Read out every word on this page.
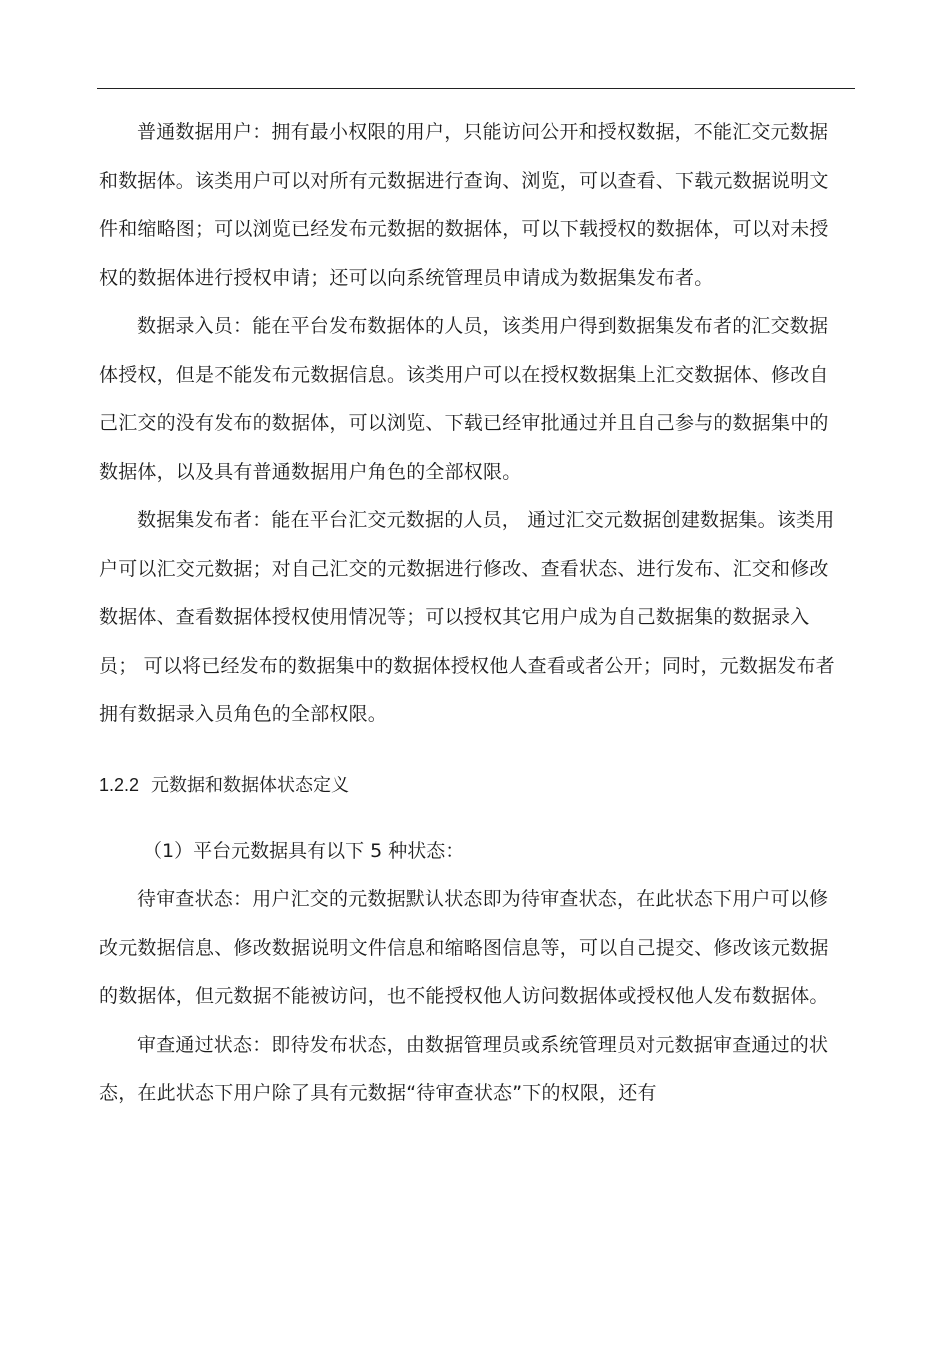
普通数据用户：拥有最小权限的用户，只能访问公开和授权数据，不能汇交元数据和数据体。该类用户可以对所有元数据进行查询、浏览，可以查看、下载元数据说明文件和缩略图；可以浏览已经发布元数据的数据体，可以下载授权的数据体，可以对未授权的数据体进行授权申请；还可以向系统管理员申请成为数据集发布者。

数据录入员：能在平台发布数据体的人员，该类用户得到数据集发布者的汇交数据体授权，但是不能发布元数据信息。该类用户可以在授权数据集上汇交数据体、修改自己汇交的没有发布的数据体，可以浏览、下载已经审批通过并且自己参与的数据集中的数据体，以及具有普通数据用户角色的全部权限。

数据集发布者：能在平台汇交元数据的人员， 通过汇交元数据创建数据集。该类用户可以汇交元数据；对自己汇交的元数据进行修改、查看状态、进行发布、汇交和修改数据体、查看数据体授权使用情况等；可以授权其它用户成为自己数据集的数据录入员； 可以将已经发布的数据集中的数据体授权他人查看或者公开；同时，元数据发布者拥有数据录入员角色的全部权限。

1.2.2 元数据和数据体状态定义

（1）平台元数据具有以下 5 种状态：

待审查状态：用户汇交的元数据默认状态即为待审查状态，在此状态下用户可以修改元数据信息、修改数据说明文件信息和缩略图信息等，可以自己提交、修改该元数据的数据体，但元数据不能被访问，也不能授权他人访问数据体或授权他人发布数据体。

审查通过状态：即待发布状态，由数据管理员或系统管理员对元数据审查通过的状态，在此状态下用户除了具有元数据“待审查状态”下的权限，还有
